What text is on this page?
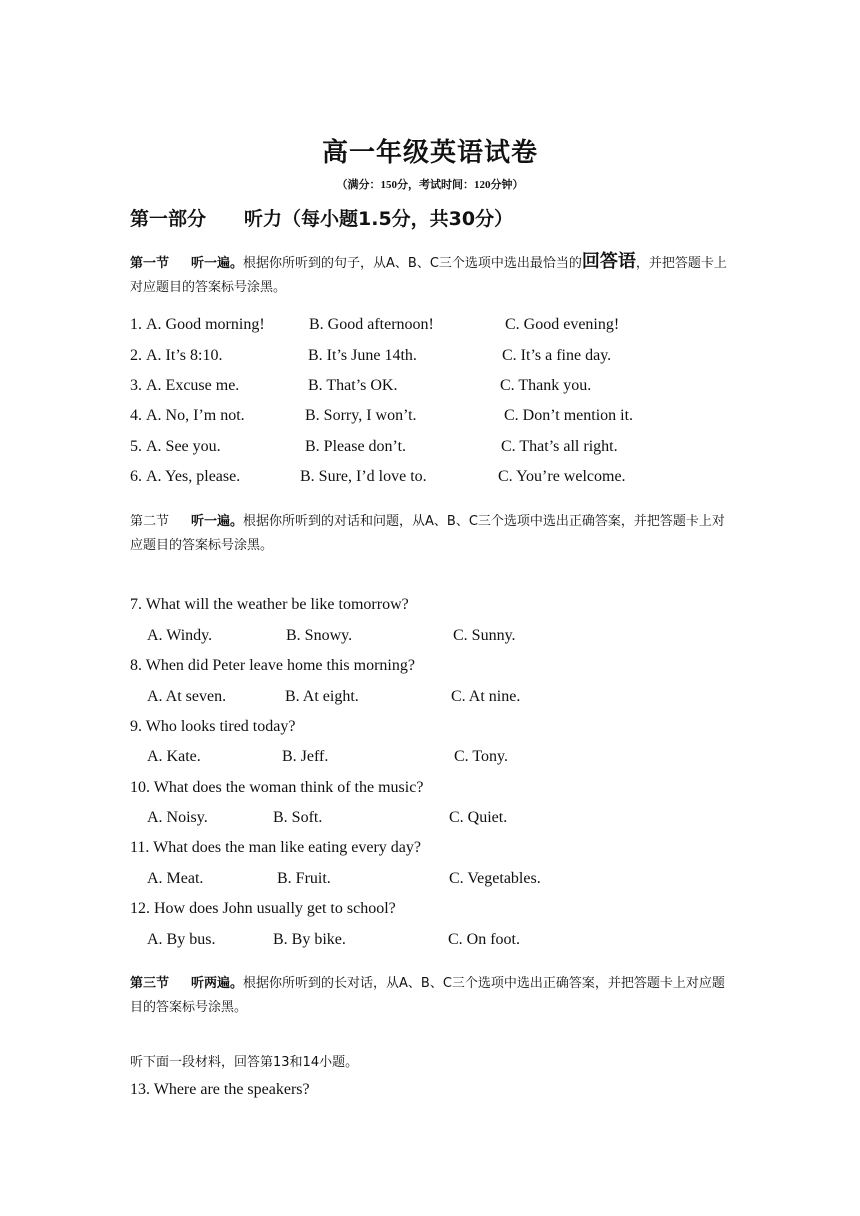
高一年级英语试卷
（满分：150分，考试时间：120分钟）
第一部分 听力（每小题1.5分，共30分）
第一节 听一遍。根据你所听到的句子，从A、B、C三个选项中选出最恰当的回答语，并把答题卡上对应题目的答案标号涂黑。
1. A. Good morning!	B. Good afternoon!	C. Good evening!
2. A. It’s 8:10.	B. It’s June 14th.	C. It’s a fine day.
3. A. Excuse me.	B. That’s OK.	C. Thank you.
4. A. No, I’m not.	B. Sorry, I won’t.	C. Don’t mention it.
5. A. See you.	B. Please don’t.	C. That’s all right.
6. A. Yes, please.	B. Sure, I’d love to.	C. You’re welcome.
第二节 听一遍。根据你所听到的对话和问题，从A、B、C三个选项中选出正确答案，并把答题卡上对应题目的答案标号涂黑。
7. What will the weather be like tomorrow?
A. Windy.	B. Snowy.	C. Sunny.
8. When did Peter leave home this morning?
A. At seven.	B. At eight.	C. At nine.
9. Who looks tired today?
A. Kate.	B. Jeff.	C. Tony.
10. What does the woman think of the music?
A. Noisy.	B. Soft.	C. Quiet.
11. What does the man like eating every day?
A. Meat.	B. Fruit.	C. Vegetables.
12. How does John usually get to school?
A. By bus.	B. By bike.	C. On foot.
第三节 听两遍。根据你所听到的长对话，从A、B、C三个选项中选出正确答案，并把答题卡上对应题目的答案标号涂黑。
听下面一段材料，回答第13和14小题。
13. Where are the speakers?
